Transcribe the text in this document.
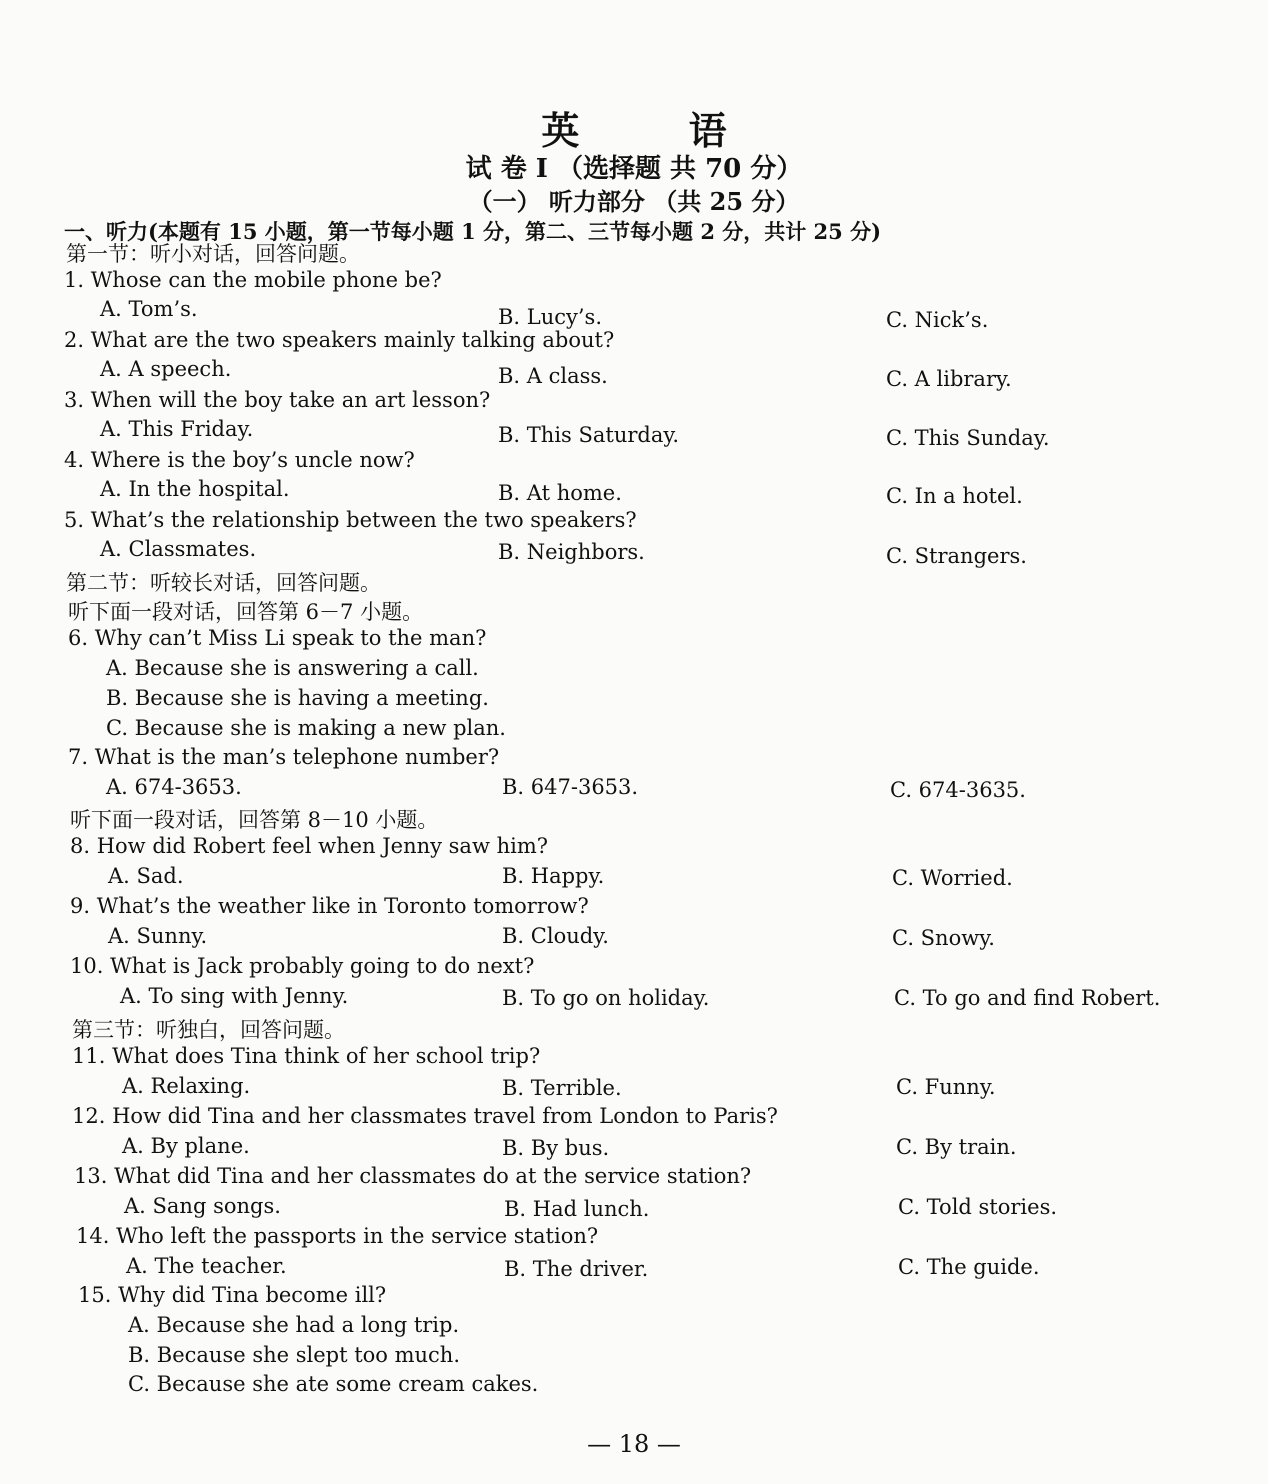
英 语
试 卷 Ⅰ （选择题 共 70 分）
（一） 听力部分 （共 25 分）
一、听力(本题有 15 小题，第一节每小题 1 分，第二、三节每小题 2 分，共计 25 分)
第一节：听小对话，回答问题。
1. Whose can the mobile phone be?
A. Tom’s.	B. Lucy’s.	C. Nick’s.
2. What are the two speakers mainly talking about?
A. A speech.	B. A class.	C. A library.
3. When will the boy take an art lesson?
A. This Friday.	B. This Saturday.	C. This Sunday.
4. Where is the boy’s uncle now?
A. In the hospital.	B. At home.	C. In a hotel.
5. What’s the relationship between the two speakers?
A. Classmates.	B. Neighbors.	C. Strangers.
第二节：听较长对话，回答问题。
听下面一段对话，回答第 6－7 小题。
6. Why can’t Miss Li speak to the man?
A. Because she is answering a call.
B. Because she is having a meeting.
C. Because she is making a new plan.
7. What is the man’s telephone number?
A. 674-3653.	B. 647-3653.	C. 674-3635.
听下面一段对话，回答第 8－10 小题。
8. How did Robert feel when Jenny saw him?
A. Sad.	B. Happy.	C. Worried.
9. What’s the weather like in Toronto tomorrow?
A. Sunny.	B. Cloudy.	C. Snowy.
10. What is Jack probably going to do next?
A. To sing with Jenny.	B. To go on holiday.	C. To go and find Robert.
第三节：听独白，回答问题。
11. What does Tina think of her school trip?
A. Relaxing.	B. Terrible.	C. Funny.
12. How did Tina and her classmates travel from London to Paris?
A. By plane.	B. By bus.	C. By train.
13. What did Tina and her classmates do at the service station?
A. Sang songs.	B. Had lunch.	C. Told stories.
14. Who left the passports in the service station?
A. The teacher.	B. The driver.	C. The guide.
15. Why did Tina become ill?
A. Because she had a long trip.
B. Because she slept too much.
C. Because she ate some cream cakes.
— 18 —
